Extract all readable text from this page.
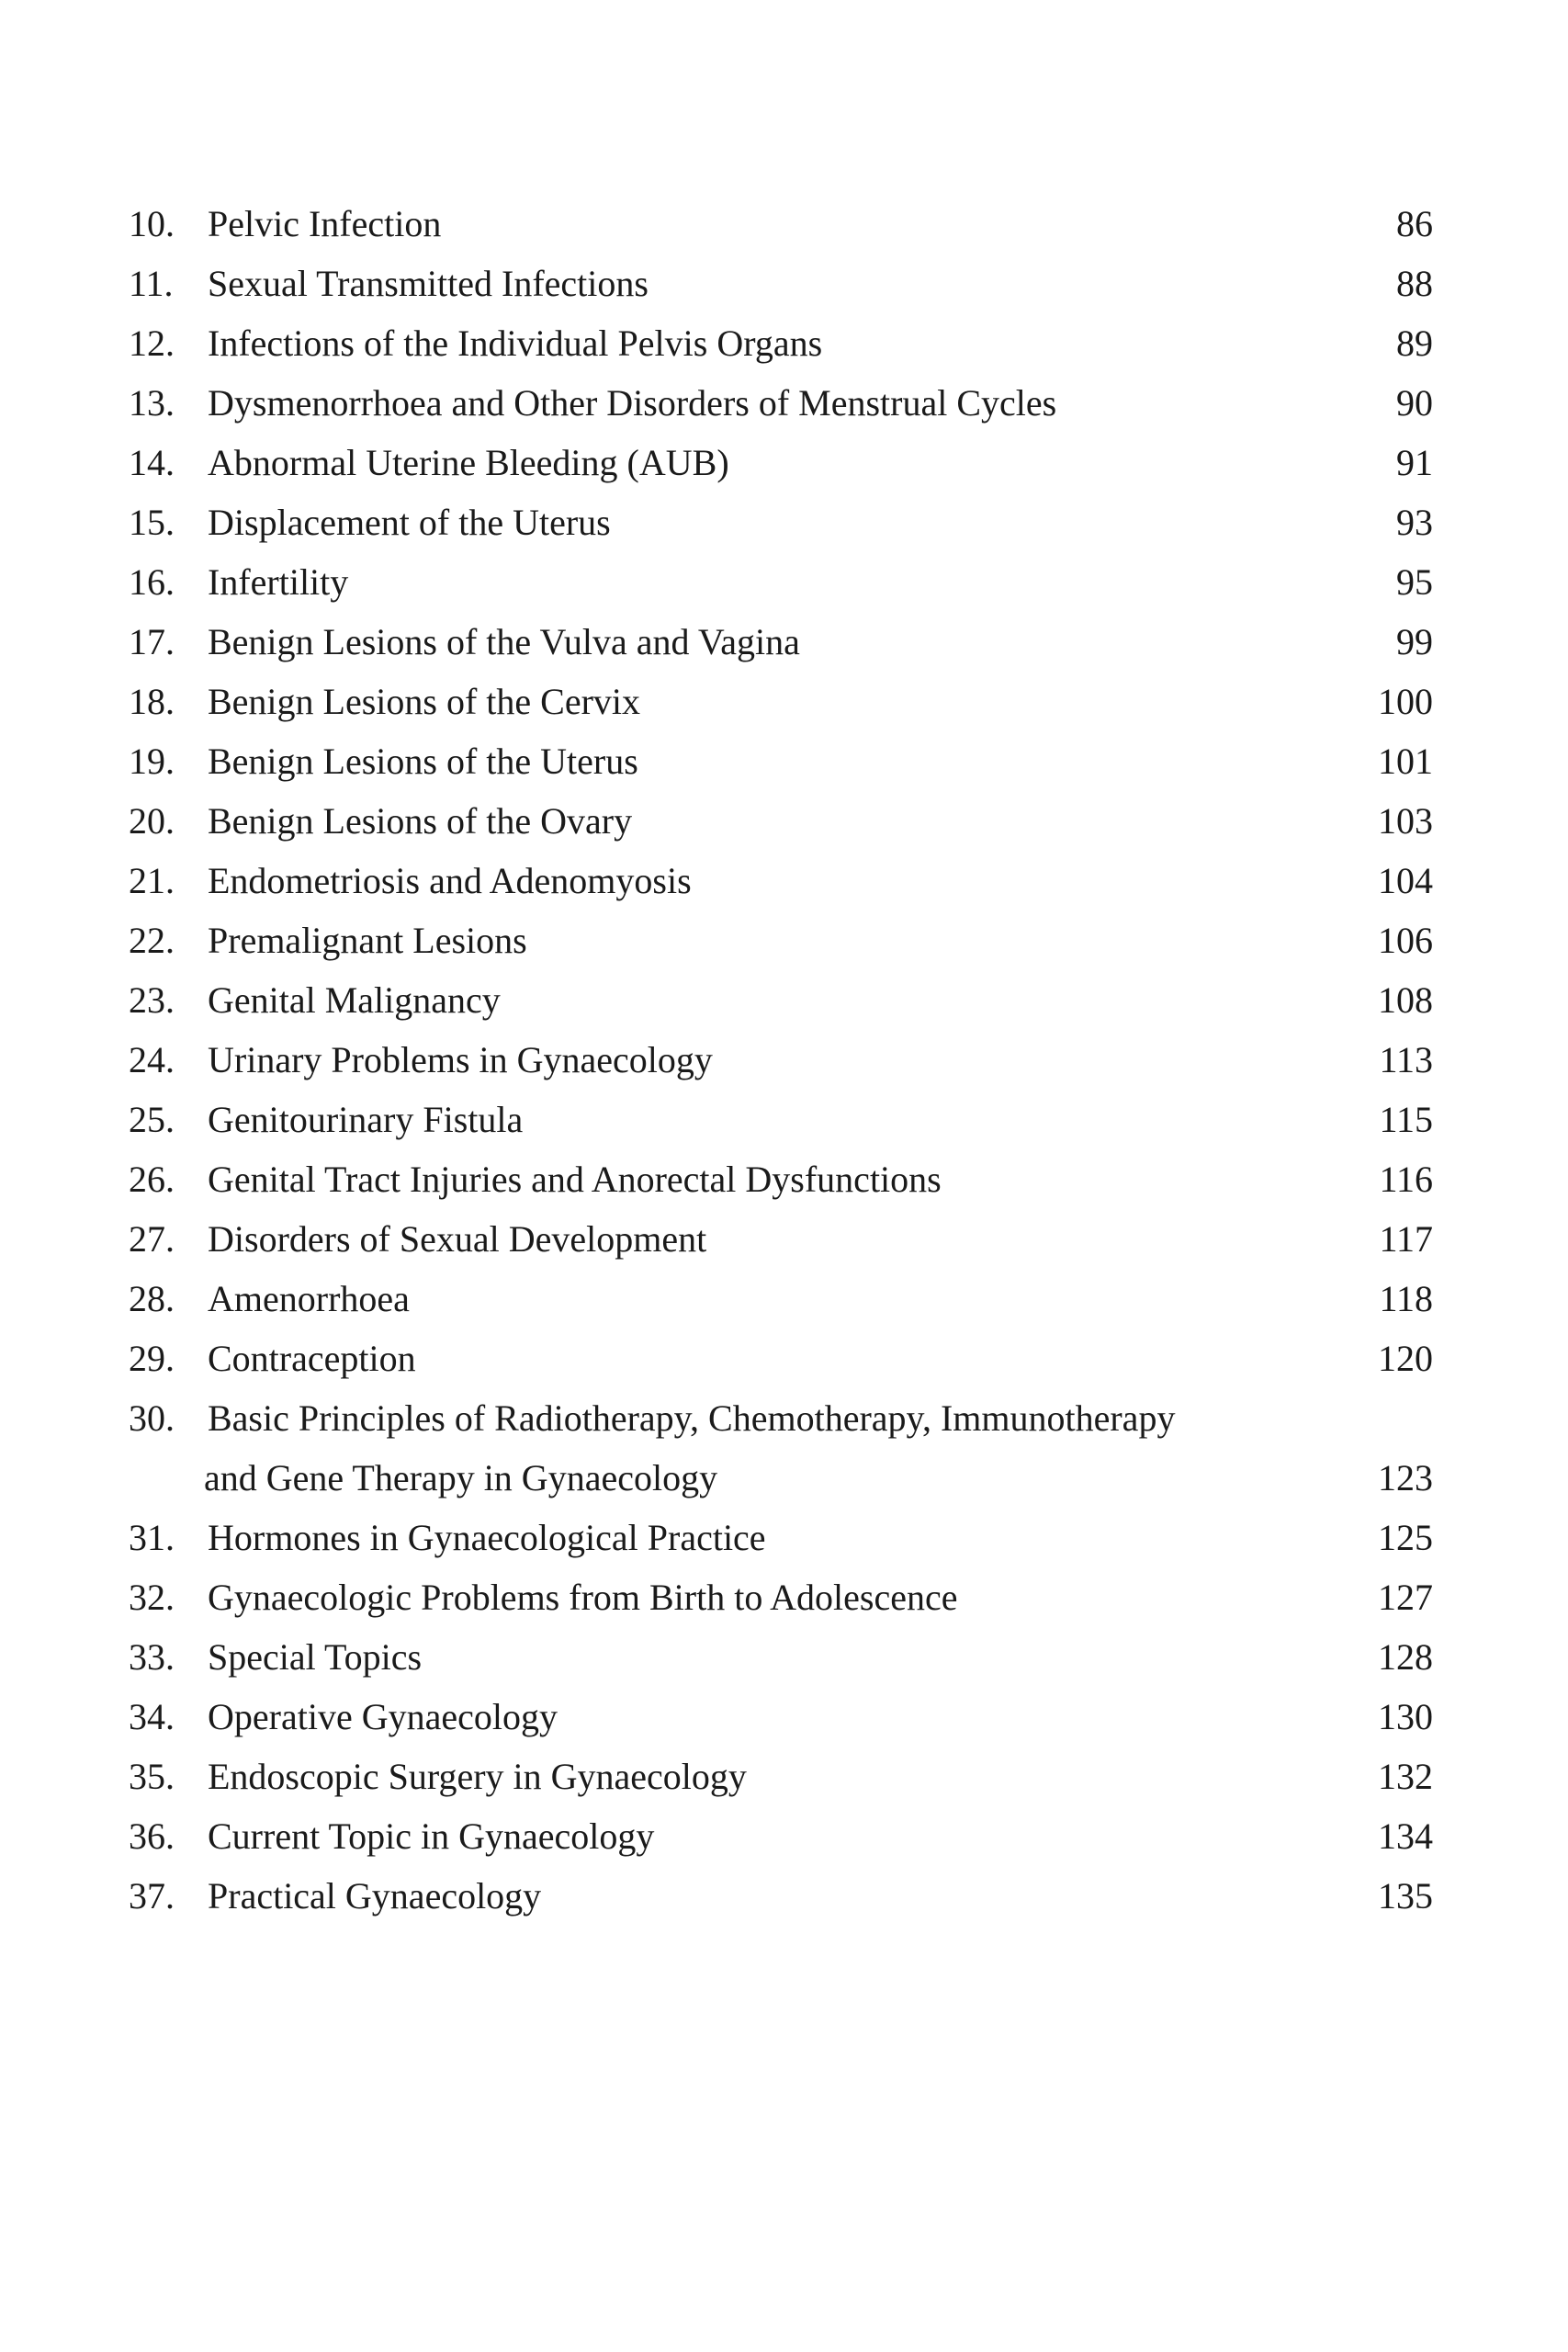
10. Pelvic Infection	86
11. Sexual Transmitted Infections	88
12. Infections of the Individual Pelvis Organs	89
13. Dysmenorrhoea and Other Disorders of Menstrual Cycles	90
14. Abnormal Uterine Bleeding (AUB)	91
15. Displacement of the Uterus	93
16. Infertility	95
17. Benign Lesions of the Vulva and Vagina	99
18. Benign Lesions of the Cervix	100
19. Benign Lesions of the Uterus	101
20. Benign Lesions of the Ovary	103
21. Endometriosis and Adenomyosis	104
22. Premalignant Lesions	106
23. Genital Malignancy	108
24. Urinary Problems in Gynaecology	113
25. Genitourinary Fistula	115
26. Genital Tract Injuries and Anorectal Dysfunctions	116
27. Disorders of Sexual Development	117
28. Amenorrhoea	118
29. Contraception	120
30. Basic Principles of Radiotherapy, Chemotherapy, Immunotherapy
and Gene Therapy in Gynaecology	123
31. Hormones in Gynaecological Practice	125
32. Gynaecologic Problems from Birth to Adolescence	127
33. Special Topics	128
34. Operative Gynaecology	130
35. Endoscopic Surgery in Gynaecology	132
36. Current Topic in Gynaecology	134
37. Practical Gynaecology	135
